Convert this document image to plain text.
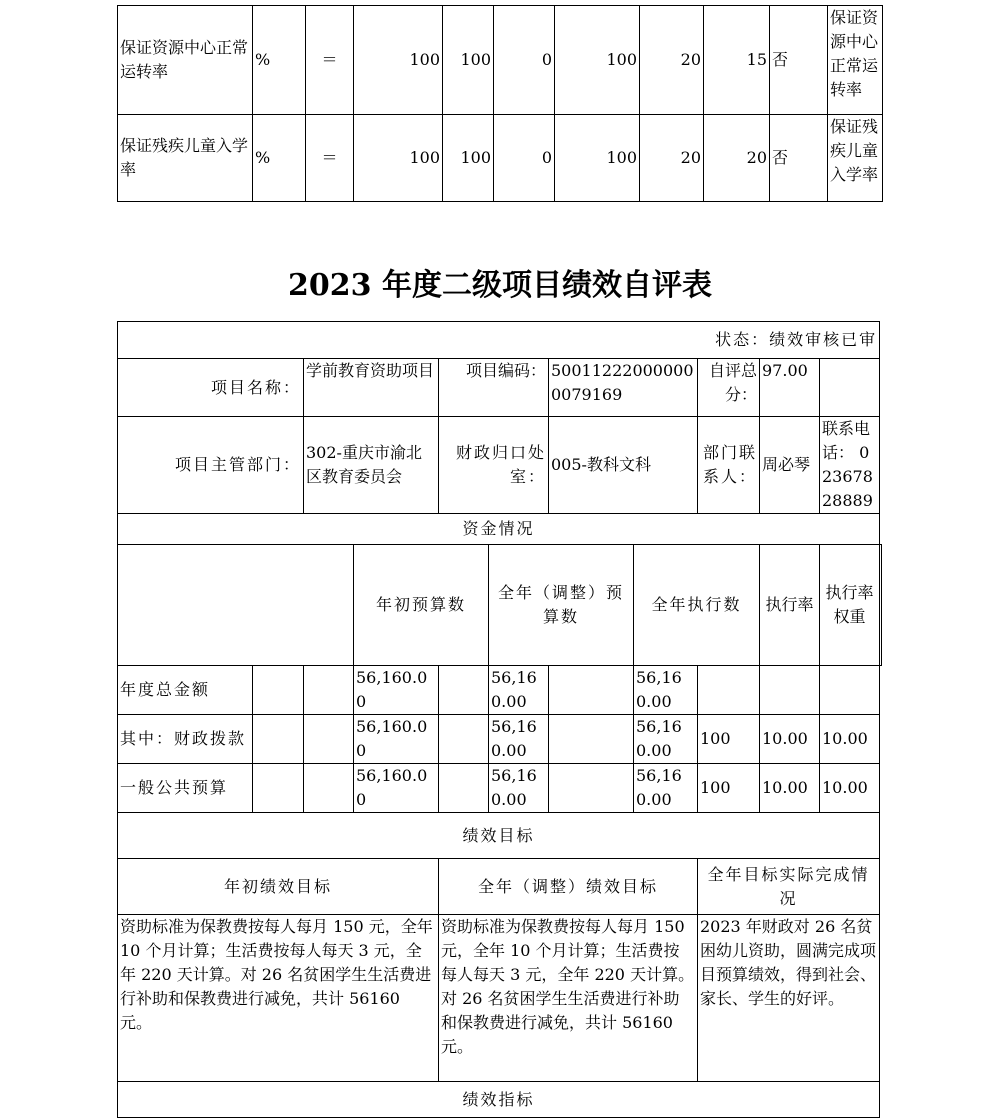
保证资源中心正常运转率	%	＝	100	100	0	100	20	15	否	保证资源中心正常运转率
保证残疾儿童入学率	%	＝	100	100	0	100	20	20	否	保证残疾儿童入学率
2023 年度二级项目绩效自评表
状态：绩效审核已审											
项目名称：		学前教育资助项目		项目编码：		500112220000000079169		自评总分：	97.00		
项目主管部门：		302-重庆市渝北区教育委员会		财政归口处室：		005-教科文科		部门联系人：	周必琴	联系电话： 02367828889	
资金情况											
			年初预算数		全年（调整）预算数		全年执行数		执行率	执行率权重	
年度总金额			56,160.00		56,160.00		56,160.00				
其中：财政拨款			56,160.00		56,160.00		56,160.00	100	10.00	10.00	
一般公共预算			56,160.00		56,160.00		56,160.00	100	10.00	10.00	
绩效目标											
年初绩效目标				全年（调整）绩效目标				全年目标实际完成情况			
资助标准为保教费按每人每月 150 元，全年 10 个月计算；生活费按每人每天 3 元，全年 220 天计算。对 26 名贫困学生生活费进行补助和保教费进行减免，共计 56160 元。				资助标准为保教费按每人每月 150 元，全年 10 个月计算；生活费按每人每天 3 元，全年 220 天计算。对 26 名贫困学生生活费进行补助和保教费进行减免，共计 56160 元。				2023 年财政对 26 名贫困幼儿资助，圆满完成项目预算绩效，得到社会、家长、学生的好评。			
绩效指标											
